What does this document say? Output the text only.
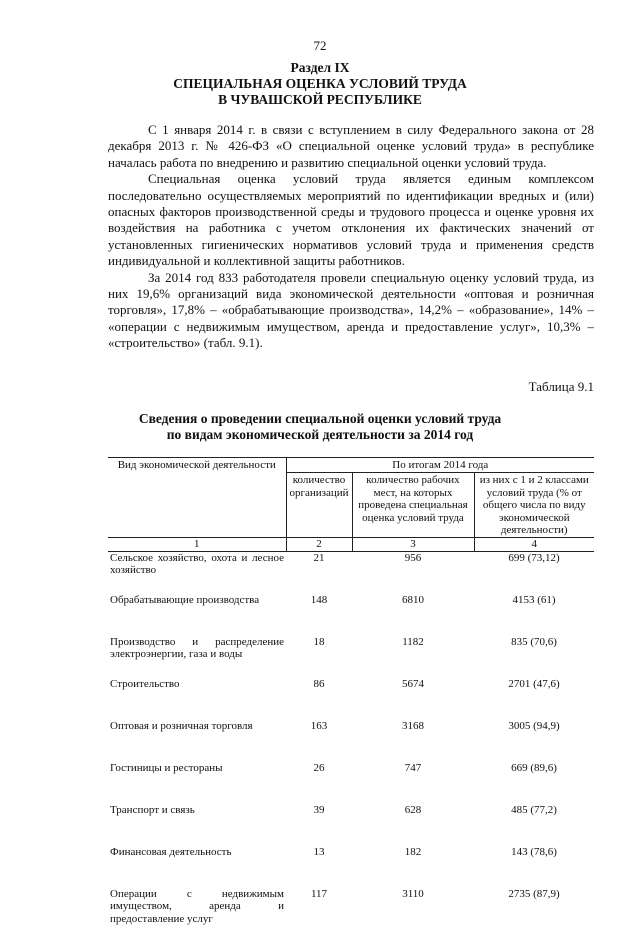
72
Раздел IX
СПЕЦИАЛЬНАЯ ОЦЕНКА УСЛОВИЙ ТРУДА
В ЧУВАШСКОЙ РЕСПУБЛИКЕ

С 1 января 2014 г. в связи с вступлением в силу Федерального закона от 28 декабря 2013 г. № 426-ФЗ «О специальной оценке условий труда» в республике началась работа по внедрению и развитию специальной оценки условий труда.

Специальная оценка условий труда является единым комплексом последовательно осуществляемых мероприятий по идентификации вредных и (или) опасных факторов производственной среды и трудового процесса и оценке уровня их воздействия на работника с учетом отклонения их фактических значений от установленных гигиенических нормативов условий труда и применения средств индивидуальной и коллективной защиты работников.

За 2014 год 833 работодателя провели специальную оценку условий труда, из них 19,6% организаций вида экономической деятельности «оптовая и розничная торговля», 17,8% – «обрабатывающие производства», 14,2% – «образование», 14% – «операции с недвижимым имуществом, аренда и предоставление услуг», 10,3% – «строительство» (табл. 9.1).

Таблица 9.1
Сведения о проведении специальной оценки условий труда
по видам экономической деятельности за 2014 год
Вид экономической деятельности	По итогам 2014 года		
	количество организаций	количество рабочих мест, на которых проведена специальная оценка условий труда	из них с 1 и 2 классами условий труда (% от общего числа по виду экономической деятельности)
1	2	3	4
Сельское хозяйство, охота и лесное хозяйство	21	956	699 (73,12)
Обрабатывающие производства	148	6810	4153 (61)
Производство и распределение электроэнергии, газа и воды	18	1182	835 (70,6)
Строительство	86	5674	2701 (47,6)
Оптовая и розничная торговля	163	3168	3005 (94,9)
Гостиницы и рестораны	26	747	669 (89,6)
Транспорт и связь	39	628	485 (77,2)
Финансовая деятельность	13	182	143 (78,6)
Операции с недвижимым имуществом, аренда и предоставление услуг	117	3110	2735 (87,9)
